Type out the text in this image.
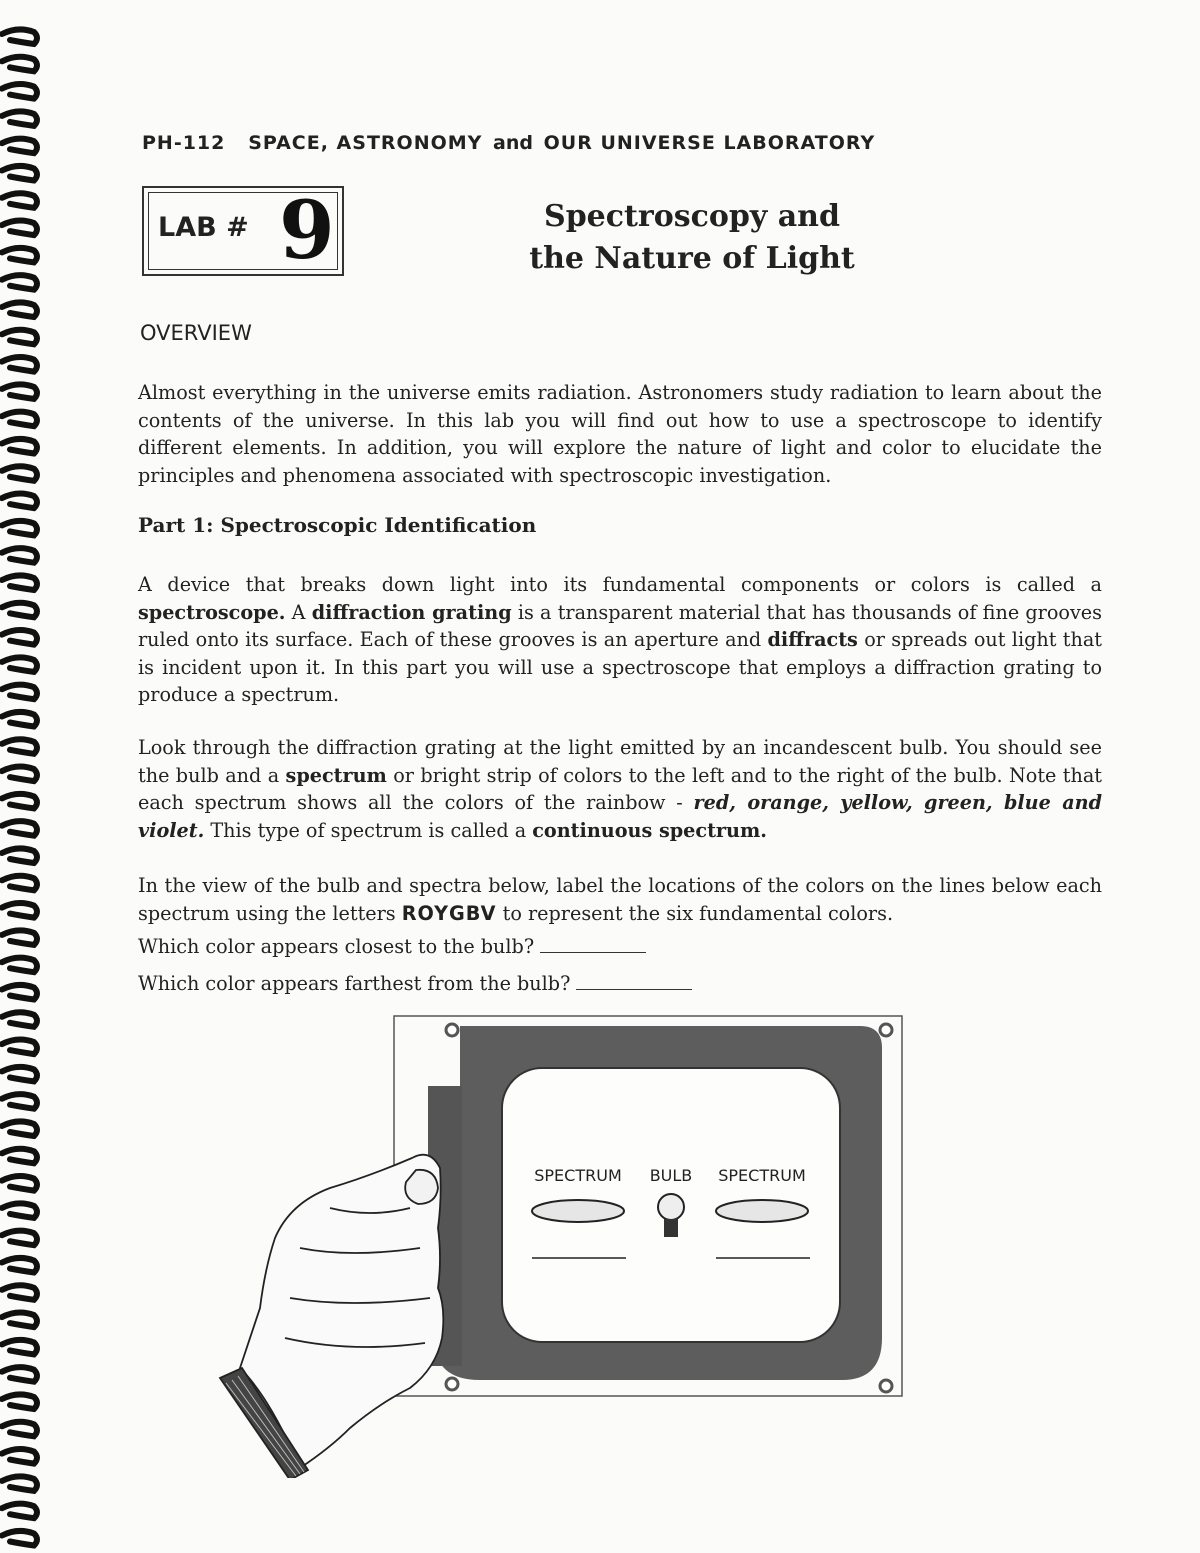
PH-112 SPACE, ASTRONOMY and OUR UNIVERSE LABORATORY
LAB # 9	Spectroscopy and
the Nature of Light
OVERVIEW
Almost everything in the universe emits radiation. Astronomers study radiation to learn about the contents of the universe. In this lab you will find out how to use a spectroscope to identify different elements. In addition, you will explore the nature of light and color to elucidate the principles and phenomena associated with spectroscopic investigation.
Part 1: Spectroscopic Identification
A device that breaks down light into its fundamental components or colors is called a spectroscope. A diffraction grating is a transparent material that has thousands of fine grooves ruled onto its surface. Each of these grooves is an aperture and diffracts or spreads out light that is incident upon it. In this part you will use a spectroscope that employs a diffraction grating to produce a spectrum.
Look through the diffraction grating at the light emitted by an incandescent bulb. You should see the bulb and a spectrum or bright strip of colors to the left and to the right of the bulb. Note that each spectrum shows all the colors of the rainbow - red, orange, yellow, green, blue and violet. This type of spectrum is called a continuous spectrum.
In the view of the bulb and spectra below, label the locations of the colors on the lines below each spectrum using the letters ROYGBV to represent the six fundamental colors.
Which color appears closest to the bulb?
Which color appears farthest from the bulb?
SPECTRUM BULB SPECTRUM
